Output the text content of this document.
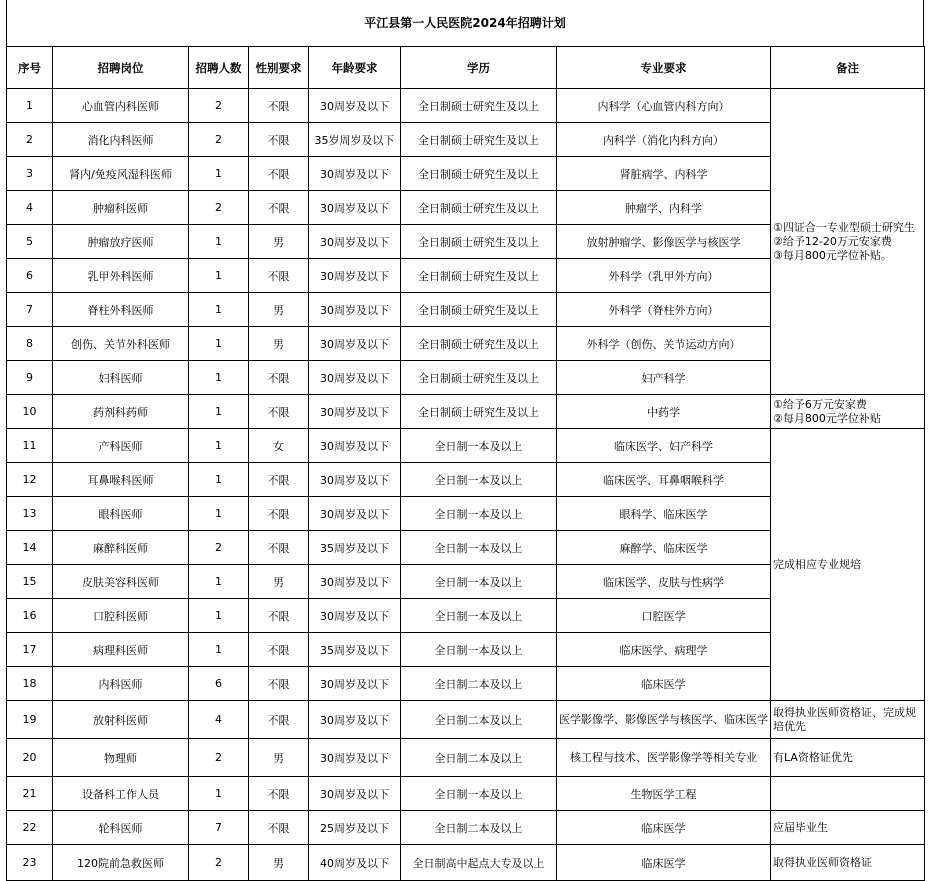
平江县第一人民医院2024年招聘计划
序号	招聘岗位	招聘人数	性别要求	年龄要求	学历	专业要求	备注
1	心血管内科医师	2	不限	30周岁及以下	全日制硕士研究生及以上	内科学（心血管内科方向）	①四证合一专业型硕士研究生
②给予12-20万元安家费
③每月800元学位补贴。

2	消化内科医师	2	不限	35岁周岁及以下	全日制硕士研究生及以上	内科学（消化内科方向）	
3	肾内/免疫风湿科医师	1	不限	30周岁及以下	全日制硕士研究生及以上	肾脏病学、内科学	
4	肿瘤科医师	2	不限	30周岁及以下	全日制硕士研究生及以上	肿瘤学、内科学	
5	肿瘤放疗医师	1	男	30周岁及以下	全日制硕士研究生及以上	放射肿瘤学、影像医学与核医学	
6	乳甲外科医师	1	不限	30周岁及以下	全日制硕士研究生及以上	外科学（乳甲外方向）	
7	脊柱外科医师	1	男	30周岁及以下	全日制硕士研究生及以上	外科学（脊柱外方向）	
8	创伤、关节外科医师	1	男	30周岁及以下	全日制硕士研究生及以上	外科学（创伤、关节运动方向）	
9	妇科医师	1	不限	30周岁及以下	全日制硕士研究生及以上	妇产科学	
10	药剂科药师	1	不限	30周岁及以下	全日制硕士研究生及以上	中药学	①给予6万元安家费
②每月800元学位补贴

11	产科医师	1	女	30周岁及以下	全日制一本及以上	临床医学、妇产科学	完成相应专业规培
12	耳鼻喉科医师	1	不限	30周岁及以下	全日制一本及以上	临床医学、耳鼻咽喉科学	
13	眼科医师	1	不限	30周岁及以下	全日制一本及以上	眼科学、临床医学	
14	麻醉科医师	2	不限	35周岁及以下	全日制一本及以上	麻醉学、临床医学	
15	皮肤美容科医师	1	男	30周岁及以下	全日制一本及以上	临床医学、皮肤与性病学	
16	口腔科医师	1	不限	30周岁及以下	全日制一本及以上	口腔医学	
17	病理科医师	1	不限	35周岁及以下	全日制一本及以上	临床医学、病理学	
18	内科医师	6	不限	30周岁及以下	全日制二本及以上	临床医学	
19	放射科医师	4	不限	30周岁及以下	全日制二本及以上	医学影像学、影像医学与核医学、临床医学	取得执业医师资格证、完成规培优先
20	物理师	2	男	30周岁及以下	全日制二本及以上	核工程与技术、医学影像学等相关专业	有LA资格证优先
21	设备科工作人员	1	不限	30周岁及以下	全日制一本及以上	生物医学工程	
22	轮科医师	7	不限	25周岁及以下	全日制二本及以上	临床医学	应届毕业生
23	120院前急救医师	2	男	40周岁及以下	全日制高中起点大专及以上	临床医学	取得执业医师资格证
